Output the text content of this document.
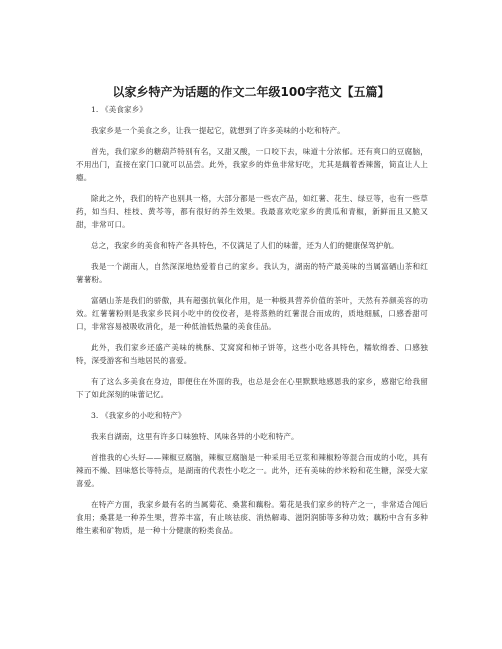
以家乡特产为话题的作文二年级100字范文【五篇】

1. 《美食家乡》

我家乡是一个美食之乡，让我一提起它，就想到了许多美味的小吃和特产。

首先，我们家乡的糖葫芦特别有名，又甜又酸，一口咬下去，味道十分浓郁。还有爽口的豆腐脑，不用出门，直接在家门口就可以品尝。此外，我家乡的炸鱼非常好吃，尤其是藕着香辣酱，简直让人上瘾。

除此之外，我们的特产也别具一格，大部分都是一些农产品，如红薯、花生、绿豆等，也有一些草药，如当归、桂枝、黄芩等，都有很好的养生效果。我最喜欢吃家乡的黄瓜和青椒，新鲜而且又脆又甜，非常可口。

总之，我家乡的美食和特产各具特色，不仅满足了人们的味蕾，还为人们的健康保驾护航。

我是一个湖南人，自然深深地热爱着自己的家乡。我认为，湖南的特产最美味的当属富硒山茶和红薯薯粉。

富硒山茶是我们的骄傲，具有超强抗氧化作用，是一种极具营养价值的茶叶，天然有养颜美容的功效。红薯薯粉则是我家乡民间小吃中的佼佼者，是将蒸熟的红薯混合而成的，质地细腻，口感香甜可口，非常容易被吸收消化，是一种低油低热量的美食佳品。

此外，我们家乡还盛产美味的桃酥、艾窝窝和柿子饼等，这些小吃各具特色，糯软绵香、口感独特，深受游客和当地居民的喜爱。

有了这么多美食在身边，即便住在外面的我，也总是会在心里默默地感恩我的家乡，感谢它给我留下了如此深刻的味蕾记忆。

3. 《我家乡的小吃和特产》

我来自湖南，这里有许多口味独特、风味各异的小吃和特产。

首推我的心头好——辣椒豆腐脑，辣椒豆腐脑是一种采用毛豆浆和辣椒粉等混合而成的小吃，具有辣而不燥、回味悠长等特点，是湖南的代表性小吃之一。此外，还有美味的炒米粉和花生糖，深受大家喜爱。

在特产方面，我家乡最有名的当属菊花、桑葚和藕粉。菊花是我们家乡的特产之一，非常适合闻后食用；桑葚是一种养生果，营养丰富，有止咳祛痰、消热解毒、滋阴润肺等多种功效；藕粉中含有多种维生素和矿物质，是一种十分健康的粉类食品。
